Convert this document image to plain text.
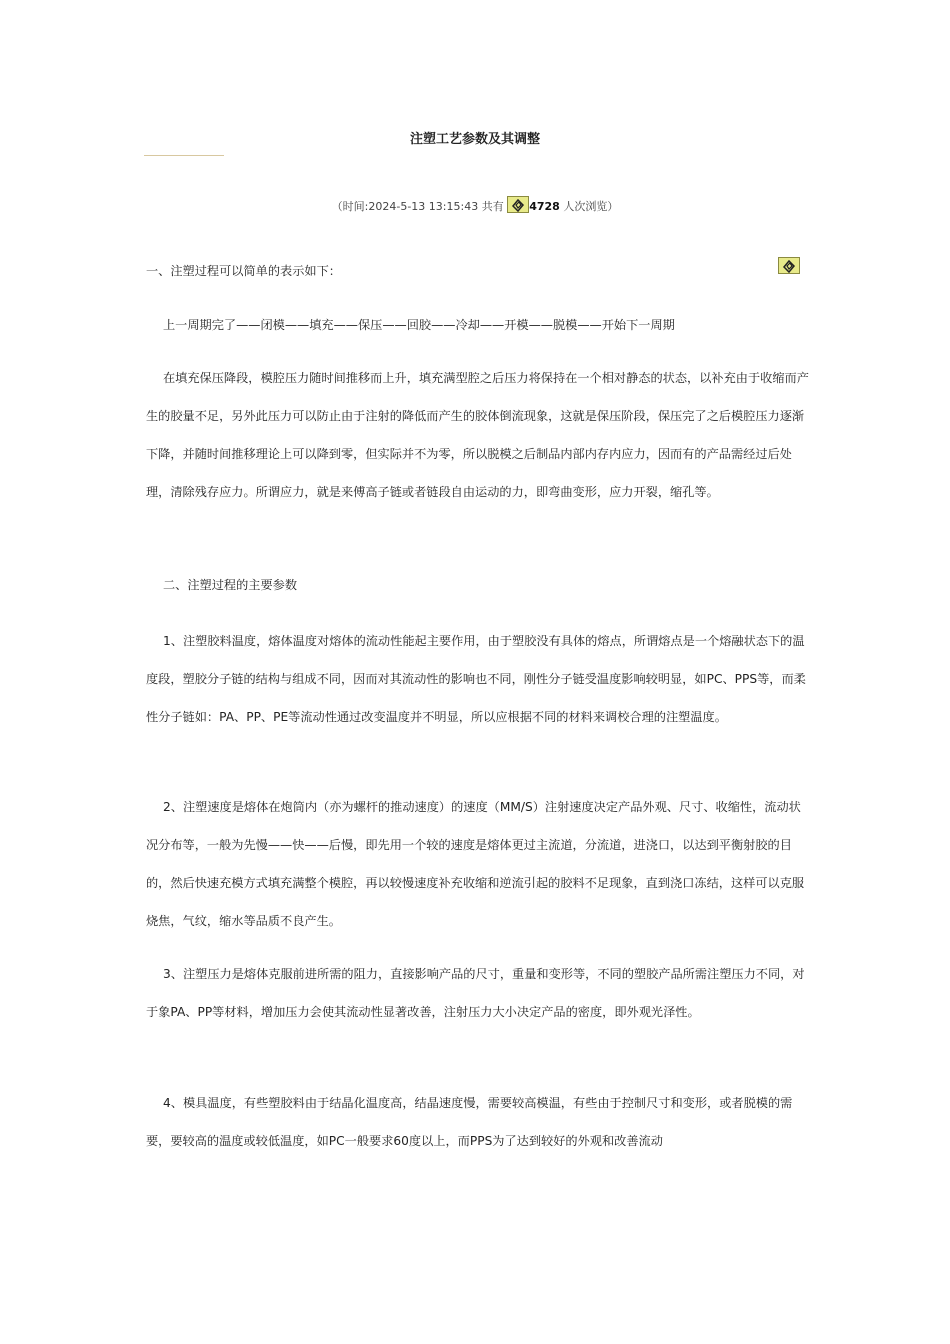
注塑工艺参数及其调整
（时间:2024-5-13 13:15:43 共有 4728 人次浏览）

一、注塑过程可以简单的表示如下：

上一周期完了——闭模——填充——保压——回胶——冷却——开模——脱模——开始下一周期

在填充保压降段，模腔压力随时间推移而上升，填充满型腔之后压力将保持在一个相对静态的状态，以补充由于收缩而产生的胶量不足，另外此压力可以防止由于注射的降低而产生的胶体倒流现象，这就是保压阶段，保压完了之后模腔压力逐渐下降，并随时间推移理论上可以降到零，但实际并不为零，所以脱模之后制品内部内存内应力，因而有的产品需经过后处理，清除残存应力。所谓应力，就是来傅高子链或者链段自由运动的力，即弯曲变形，应力开裂，缩孔等。

二、注塑过程的主要参数

1、注塑胶料温度，熔体温度对熔体的流动性能起主要作用，由于塑胶没有具体的熔点，所谓熔点是一个熔融状态下的温度段，塑胶分子链的结构与组成不同，因而对其流动性的影响也不同，刚性分子链受温度影响较明显，如PC、PPS等，而柔性分子链如：PA、PP、PE等流动性通过改变温度并不明显，所以应根据不同的材料来调校合理的注塑温度。

2、注塑速度是熔体在炮筒内（亦为螺杆的推动速度）的速度（MM/S）注射速度决定产品外观、尺寸、收缩性，流动状况分布等，一般为先慢——快——后慢，即先用一个较的速度是熔体更过主流道，分流道，进浇口，以达到平衡射胶的目的，然后快速充模方式填充满整个模腔，再以较慢速度补充收缩和逆流引起的胶料不足现象，直到浇口冻结，这样可以克服烧焦，气纹，缩水等品质不良产生。

3、注塑压力是熔体克服前进所需的阻力，直接影响产品的尺寸，重量和变形等，不同的塑胶产品所需注塑压力不同，对于象PA、PP等材料，增加压力会使其流动性显著改善，注射压力大小决定产品的密度，即外观光泽性。

4、模具温度，有些塑胶料由于结晶化温度高，结晶速度慢，需要较高模温，有些由于控制尺寸和变形，或者脱模的需要，要较高的温度或较低温度，如PC一般要求60度以上，而PPS为了达到较好的外观和改善流动
